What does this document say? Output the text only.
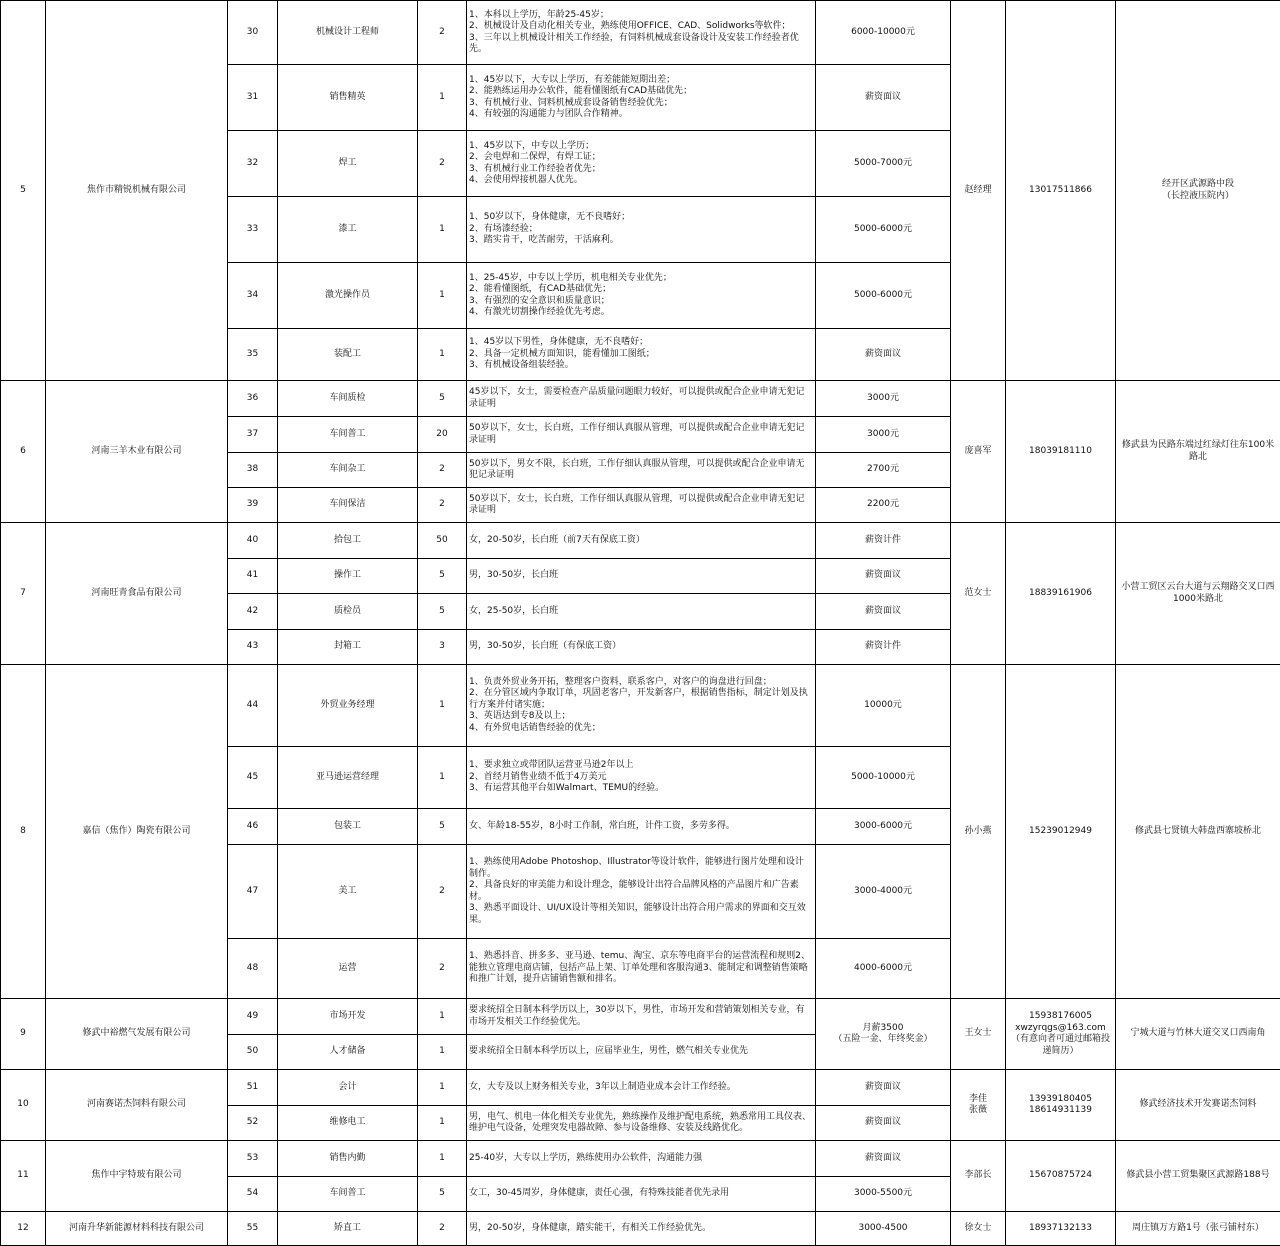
5	焦作市精锐机械有限公司	30	机械设计工程师	2	1、本科以上学历，年龄25-45岁；
2、机械设计及自动化相关专业，熟练使用OFFICE、CAD、Solidworks等软件；
3、三年以上机械设计相关工作经验，有饲料机械成套设备设计及安装工作经验者优先。	6000-10000元	赵经理	13017511866	经开区武源路中段
（长控液压院内）
		31	销售精英	1	1、45岁以下，大专以上学历，有差能能短期出差；
2、能熟练运用办公软件，能看懂图纸有CAD基础优先；
3、有机械行业、饲料机械成套设备销售经验优先；
4、有较强的沟通能力与团队合作精神。	薪资面议			
		32	焊工	2	1、45岁以下，中专以上学历；
2、会电焊和二保焊，有焊工证；
3、有机械行业工作经验者优先；
4、会使用焊接机器人优先。	5000-7000元			
		33	漆工	1	1、50岁以下，身体健康，无不良嗜好；
2、有场漆经验；
3、踏实肯干，吃苦耐劳，干活麻利。	5000-6000元			
		34	激光操作员	1	1、25-45岁，中专以上学历，机电相关专业优先；
2、能看懂图纸，有CAD基础优先；
3、有强烈的安全意识和质量意识；
4、有激光切割操作经验优先考虑。	5000-6000元			
		35	装配工	1	1、45岁以下男性，身体健康，无不良嗜好；
2、具备一定机械方面知识，能看懂加工图纸；
3、有机械设备组装经验。	薪资面议			
6	河南三羊木业有限公司	36	车间质检	5	45岁以下，女士，需要检查产品质量问题眼力较好，可以提供或配合企业申请无犯记录证明	3000元	庞喜军	18039181110	修武县为民路东端过红绿灯往东100米路北
		37	车间普工	20	50岁以下，女士，长白班，工作仔细认真服从管理，可以提供或配合企业申请无犯记录证明	3000元			
		38	车间杂工	2	50岁以下，男女不限，长白班，工作仔细认真服从管理，可以提供或配合企业申请无犯记录证明	2700元			
		39	车间保洁	2	50岁以下，女士，长白班，工作仔细认真服从管理，可以提供或配合企业申请无犯记录证明	2200元			
7	河南旺青食品有限公司	40	拾包工	50	女，20-50岁，长白班（前7天有保底工资）	薪资计件	范女士	18839161906	小营工贸区云台大道与云翔路交叉口西1000米路北
		41	操作工	5	男，30-50岁，长白班	薪资面议			
		42	质检员	5	女，25-50岁，长白班	薪资面议			
		43	封箱工	3	男，30-50岁，长白班（有保底工资）	薪资计件			
8	嘉信（焦作）陶瓷有限公司	44	外贸业务经理	1	1、负责外贸业务开拓，整理客户资料，联系客户，对客户的询盘进行回盘；
2、在分管区域内争取订单，巩固老客户，开发新客户，根据销售指标，制定计划及执行方案并付诸实施；
3、英语达到专8及以上；
4、有外贸电话销售经验的优先；	10000元	孙小燕	15239012949	修武县七贤镇大韩盘西寨坡桥北
		45	亚马逊运营经理	1	1、要求独立或带团队运营亚马逊2年以上
2、首经月销售业绩不低于4万美元
3、有运营其他平台如Walmart、TEMU的经验。	5000-10000元			
		46	包装工	5	女、年龄18-55岁，8小时工作制，常白班，计件工资，多劳多得。	3000-6000元			
		47	美工	2	1、熟练使用Adobe Photoshop、Illustrator等设计软件，能够进行图片处理和设计制作。
2、具备良好的审美能力和设计理念，能够设计出符合品牌风格的产品图片和广告素材。
3、熟悉平面设计、UI/UX设计等相关知识，能够设计出符合用户需求的界面和交互效果。	3000-4000元			
		48	运营	2	1、熟悉抖音、拼多多、亚马逊、temu、淘宝、京东等电商平台的运营流程和规则2、能独立管理电商店铺，包括产品上架、订单处理和客服沟通3、能制定和调整销售策略和推广计划，提升店铺销售额和排名。	4000-6000元			
9	修武中裕燃气发展有限公司	49	市场开发	1	要求统招全日制本科学历以上，30岁以下，男性，市场开发和营销策划相关专业，有市场开发相关工作经验优先。	月薪3500
（五险一金、年终奖金）	王女士	15938176005
xwzyrqgs@163.com（有意向者可通过邮箱投递简历）	宁城大道与竹林大道交叉口西南角
		50	人才储备	1	要求统招全日制本科学历以上，应届毕业生，男性，燃气相关专业优先				
10	河南赛诺杰饲料有限公司	51	会计	1	女，大专及以上财务相关专业，3年以上制造业成本会计工作经验。	薪资面议	李佳
张薇	13939180405
18614931139	修武经济技术开发赛诺杰饲料
		52	维修电工	1	男，电气、机电一体化相关专业优先，熟练操作及维护配电系统，熟悉常用工具仪表、维护电气设备，处理突发电器故障、参与设备维修、安装及线路优化。	薪资面议			
11	焦作中宇特玻有限公司	53	销售内勤	1	25-40岁，大专以上学历，熟练使用办公软件，沟通能力强	薪资面议	李部长	15670875724	修武县小营工贸集聚区武源路188号
		54	车间普工	5	女工，30-45周岁，身体健康，责任心强，有特殊技能者优先录用	3000-5500元			
12	河南升华新能源材料科技有限公司	55	矫直工	2	男，20-50岁，身体健康，踏实能干，有相关工作经验优先。	3000-4500	徐女士	18937132133	周庄镇万方路1号（张弓铺村东）
